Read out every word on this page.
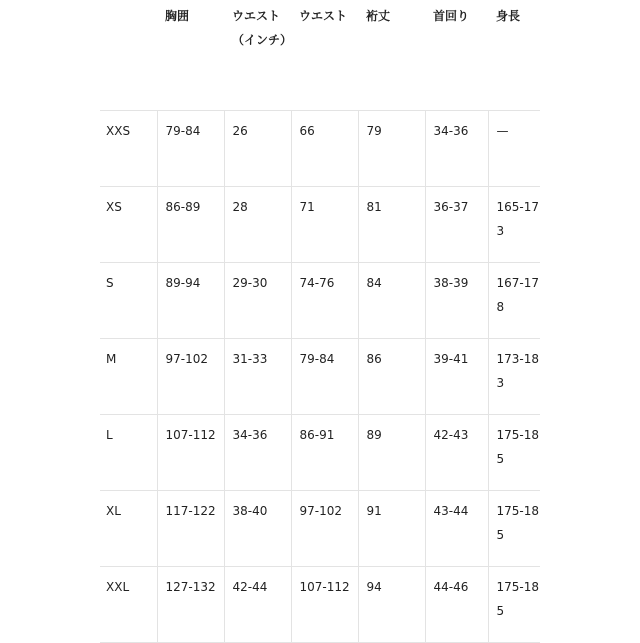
	胸囲	ウエスト（インチ）	ウエスト	裄丈	首回り	身長
XXS	79-84	26	66	79	34-36	—
XS	86-89	28	71	81	36-37	165-173
S	89-94	29-30	74-76	84	38-39	167-178
M	97-102	31-33	79-84	86	39-41	173-183
L	107-112	34-36	86-91	89	42-43	175-185
XL	117-122	38-40	97-102	91	43-44	175-185
XXL	127-132	42-44	107-112	94	44-46	175-185
